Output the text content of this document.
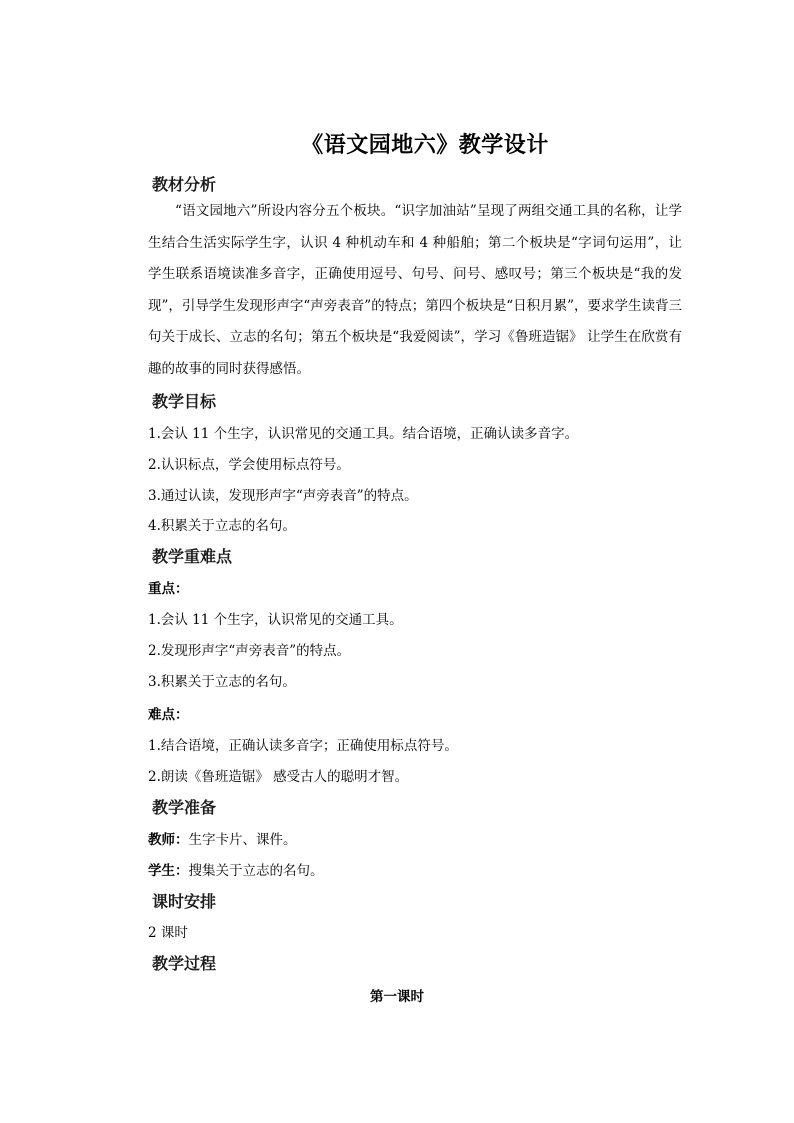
《语文园地六》教学设计
教材分析
“语文园地六”所设内容分五个板块。“识字加油站”呈现了两组交通工具的名称，让学生结合生活实际学生字，认识 4 种机动车和 4 种船舶；第二个板块是“字词句运用”，让学生联系语境读准多音字，正确使用逗号、句号、问号、感叹号；第三个板块是“我的发现”，引导学生发现形声字“声旁表音”的特点；第四个板块是“日积月累”，要求学生读背三句关于成长、立志的名句；第五个板块是“我爱阅读”，学习《鲁班造锯》 让学生在欣赏有趣的故事的同时获得感悟。
教学目标
1.会认 11 个生字，认识常见的交通工具。结合语境，正确认读多音字。
2.认识标点，学会使用标点符号。
3.通过认读，发现形声字“声旁表音”的特点。
4.积累关于立志的名句。
教学重难点
重点：
1.会认 11 个生字，认识常见的交通工具。
2.发现形声字“声旁表音”的特点。
3.积累关于立志的名句。
难点：
1.结合语境，正确认读多音字；正确使用标点符号。
2.朗读《鲁班造锯》 感受古人的聪明才智。
教学准备
教师：生字卡片、课件。
学生：搜集关于立志的名句。
课时安排
2 课时
教学过程
第一课时
